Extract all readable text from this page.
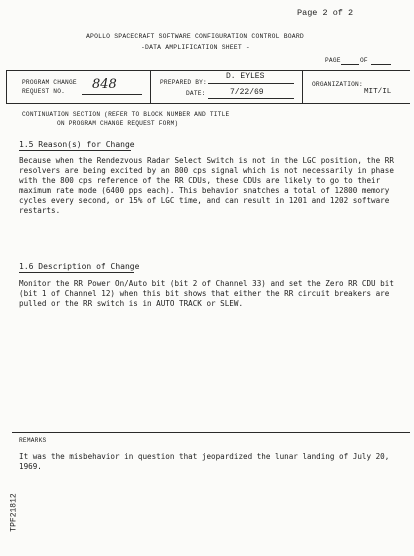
Page 2 of 2
APOLLO SPACECRAFT SOFTWARE CONFIGURATION CONTROL BOARD
-DATA AMPLIFICATION SHEET -
PAGE	OF
PROGRAM CHANGE
REQUEST NO. 848	PREPARED BY:
D. EYLES
DATE:	7/22/69
ORGANIZATION:
MIT/IL
CONTINUATION SECTION (REFER TO BLOCK NUMBER AND TITLE
ON PROGRAM CHANGE REQUEST FORM)
1.5 Reason(s) for Change
Because when the Rendezvous Radar Select Switch is not in the LGC position, the RR resolvers are being excited by an 800 cps signal which is not necessarily in phase with the 800 cps reference of the RR CDUs, these CDUs are likely to go to their maximum rate mode (6400 pps each). This behavior snatches a total of 12800 memory cycles every second, or 15% of LGC time, and can result in 1201 and 1202 software restarts.
1.6 Description of Change
Monitor the RR Power On/Auto bit (bit 2 of Channel 33) and set the Zero RR CDU bit (bit 1 of Channel 12) when this bit shows that either the RR circuit breakers are pulled or the RR switch is in AUTO TRACK or SLEW.
REMARKS
It was the misbehavior in question that jeopardized the lunar landing of July 20, 1969.
TPF21812
